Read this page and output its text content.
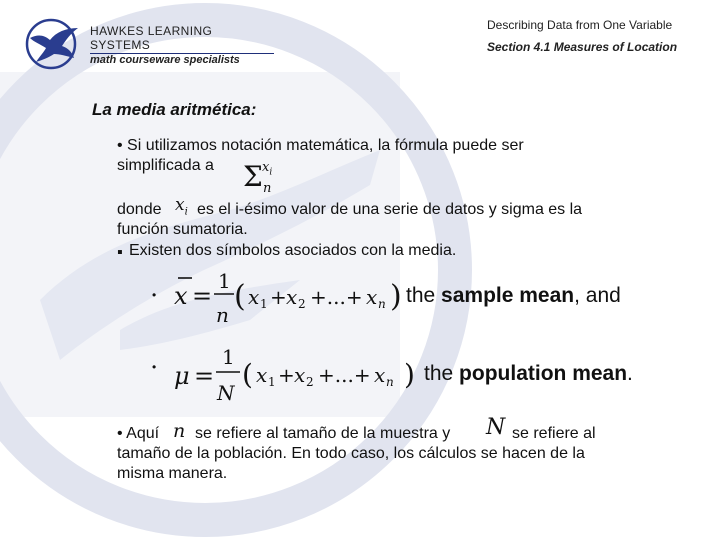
HAWKES LEARNING SYSTEMS
math courseware specialists
Describing Data from One Variable
Section 4.1 Measures of Location
La media aritmética:
• Si utilizamos notación matemática, la fórmula puede ser
simplificada a Σ $x_i$
n
donde $x_i$ es el i-ésimo valor de una serie de datos y sigma es la
función sumatoria.
▪ Existen dos símbolos asociados con la media.
• x =
1
n
( x 1 + x 2 +...+ x n ) the sample mean, and
• μ =
1
N
( x 1 + x 2 +...+ x n ) the population mean.
• Aquí n se refiere al tamaño de la muestra y N se refiere al
tamaño de la población. En todo caso, los cálculos se hacen de la
misma manera.
